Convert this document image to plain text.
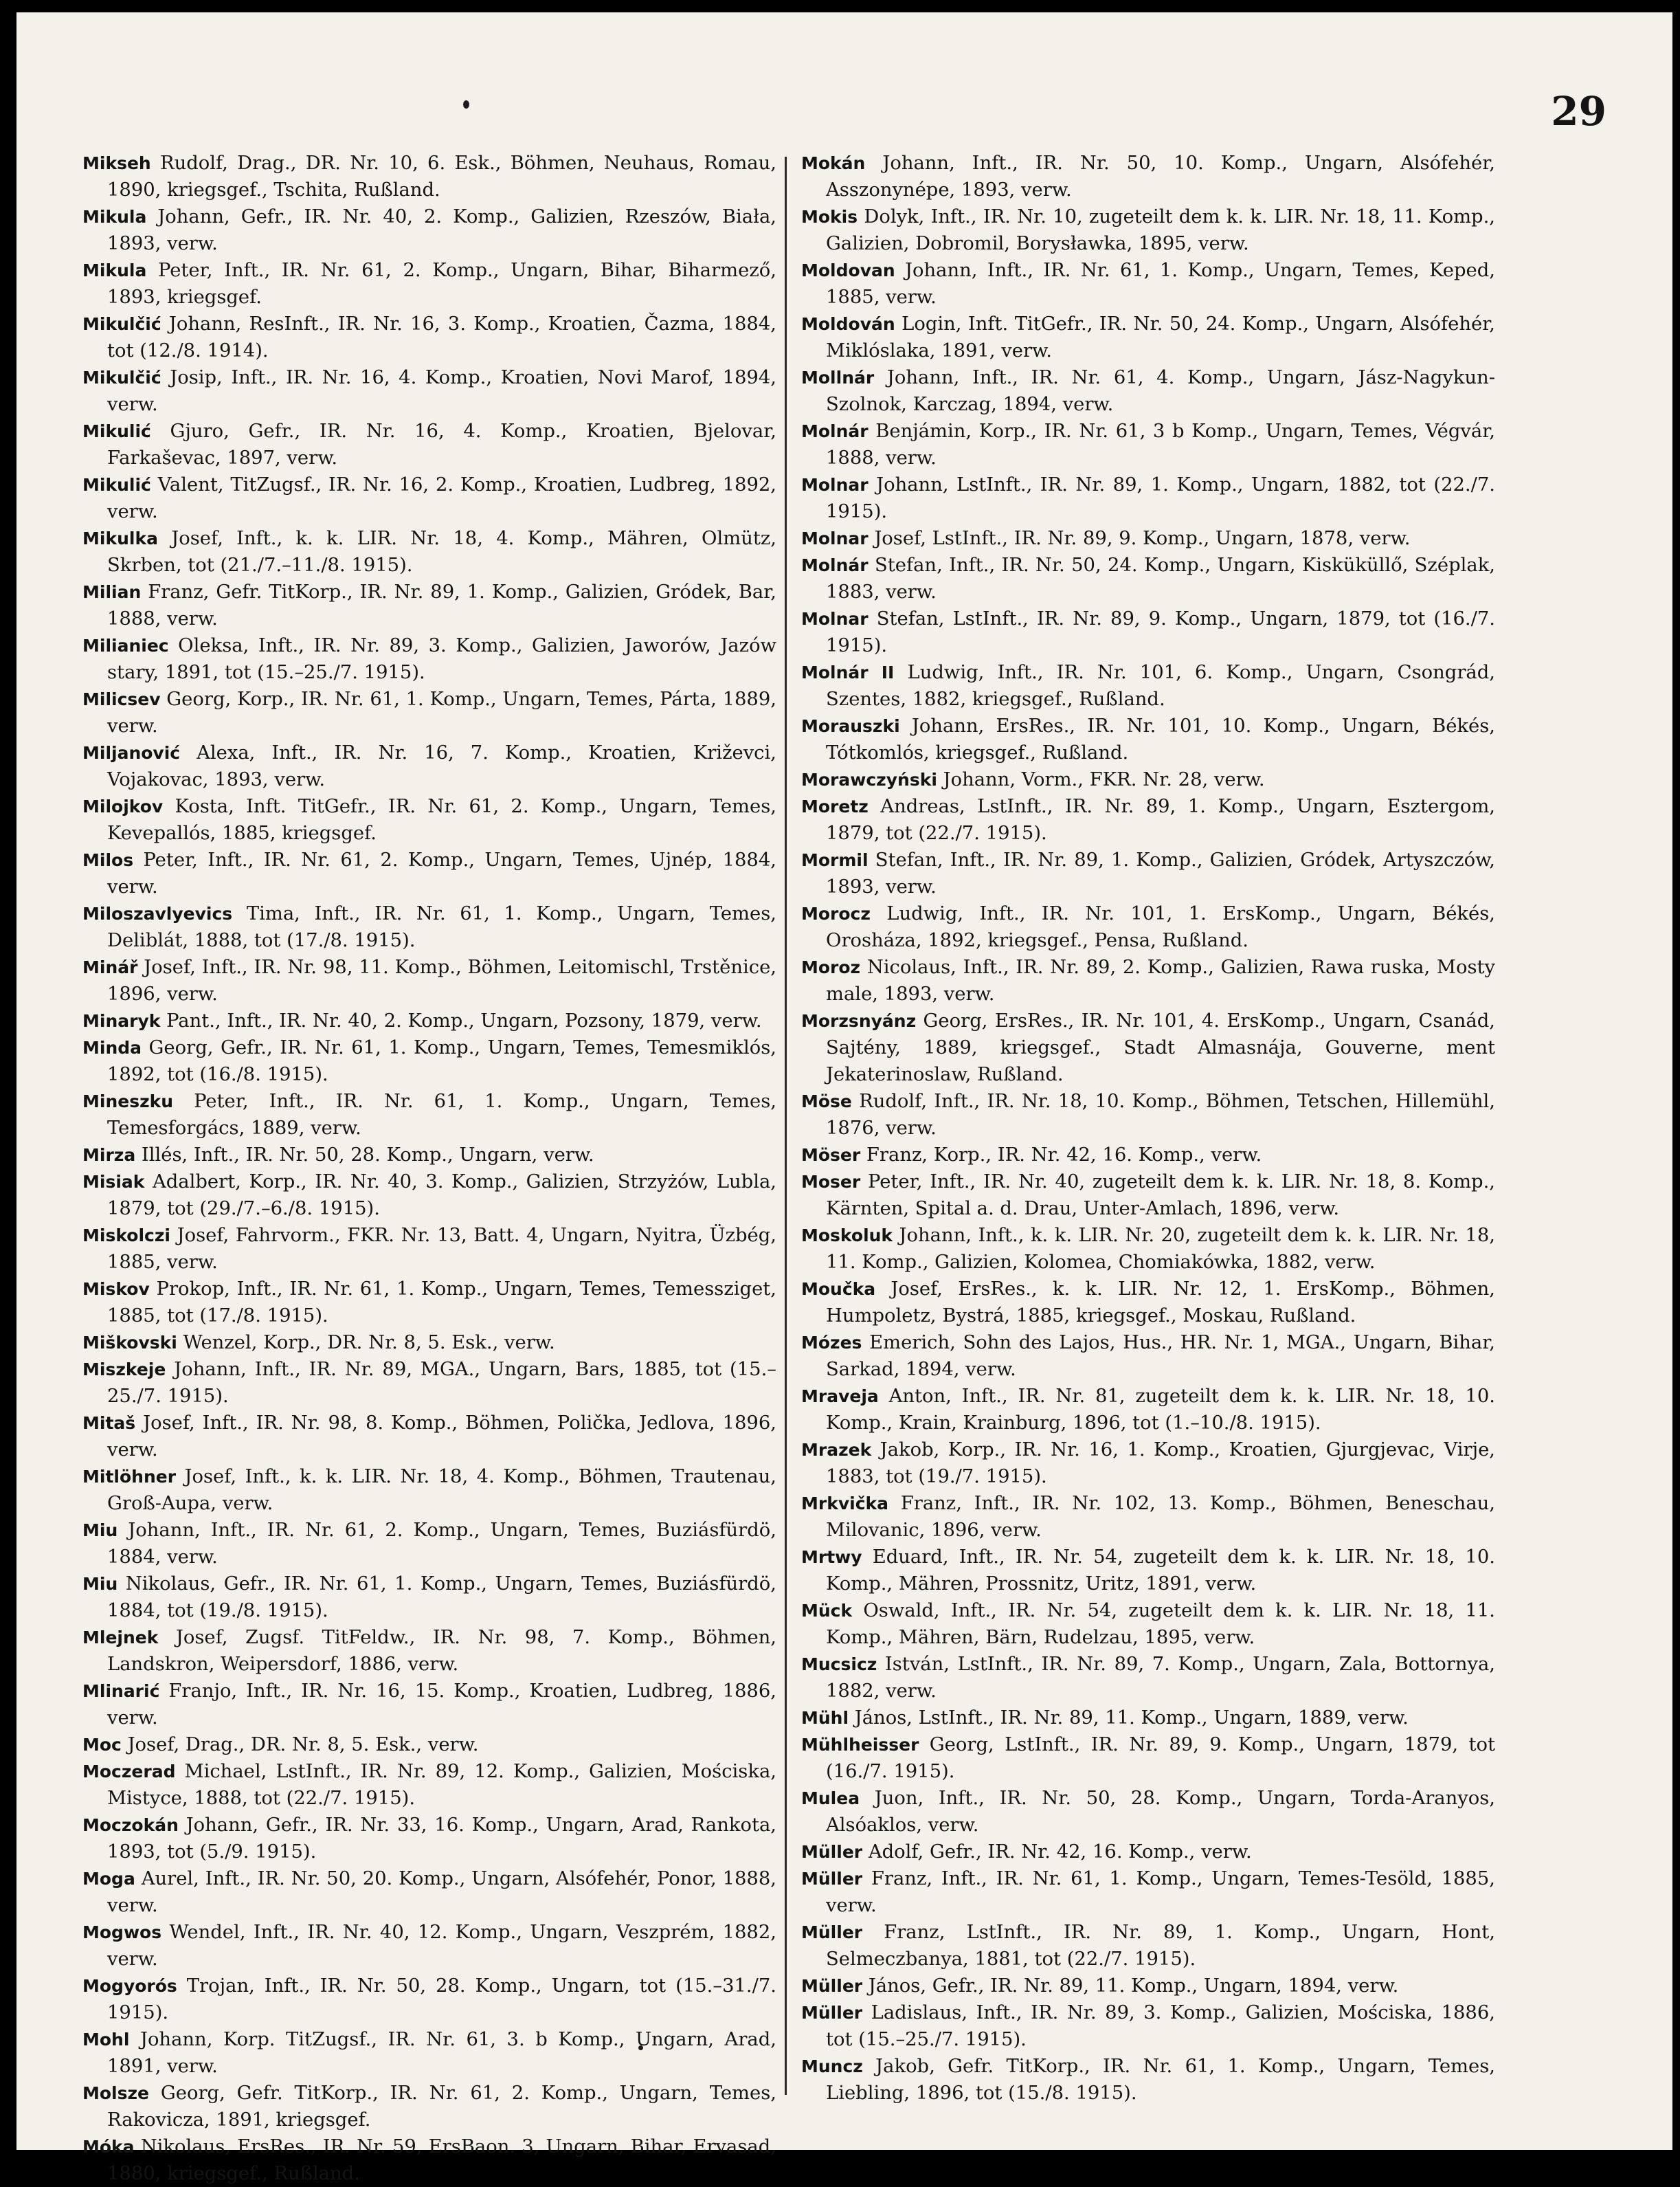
29

Mikseh Rudolf, Drag., DR. Nr. 10, 6. Esk., Böhmen, Neuhaus, Romau, 1890, kriegsgef., Tschita, Rußland.

Mikula Johann, Gefr., IR. Nr. 40, 2. Komp., Galizien, Rzeszów, Biała, 1893, verw.

Mikula Peter, Inft., IR. Nr. 61, 2. Komp., Ungarn, Bihar, Biharmező, 1893, kriegsgef.

Mikulčić Johann, ResInft., IR. Nr. 16, 3. Komp., Kroatien, Čazma, 1884, tot (12./8. 1914).

Mikulčić Josip, Inft., IR. Nr. 16, 4. Komp., Kroatien, Novi Marof, 1894, verw.

Mikulić Gjuro, Gefr., IR. Nr. 16, 4. Komp., Kroatien, Bjelovar, Farkaševac, 1897, verw.

Mikulić Valent, TitZugsf., IR. Nr. 16, 2. Komp., Kroatien, Ludbreg, 1892, verw.

Mikulka Josef, Inft., k. k. LIR. Nr. 18, 4. Komp., Mähren, Olmütz, Skrben, tot (21./7.–11./8. 1915).

Milian Franz, Gefr. TitKorp., IR. Nr. 89, 1. Komp., Galizien, Gródek, Bar, 1888, verw.

Milianiec Oleksa, Inft., IR. Nr. 89, 3. Komp., Galizien, Jaworów, Jazów stary, 1891, tot (15.–25./7. 1915).

Milicsev Georg, Korp., IR. Nr. 61, 1. Komp., Ungarn, Temes, Párta, 1889, verw.

Miljanović Alexa, Inft., IR. Nr. 16, 7. Komp., Kroatien, Križevci, Vojakovac, 1893, verw.

Milojkov Kosta, Inft. TitGefr., IR. Nr. 61, 2. Komp., Ungarn, Temes, Kevepallós, 1885, kriegsgef.

Milos Peter, Inft., IR. Nr. 61, 2. Komp., Ungarn, Temes, Ujnép, 1884, verw.

Miloszavlyevics Tima, Inft., IR. Nr. 61, 1. Komp., Ungarn, Temes, Deliblát, 1888, tot (17./8. 1915).

Minář Josef, Inft., IR. Nr. 98, 11. Komp., Böhmen, Leitomischl, Trstěnice, 1896, verw.

Minaryk Pant., Inft., IR. Nr. 40, 2. Komp., Ungarn, Pozsony, 1879, verw.

Minda Georg, Gefr., IR. Nr. 61, 1. Komp., Ungarn, Temes, Temesmiklós, 1892, tot (16./8. 1915).

Mineszku Peter, Inft., IR. Nr. 61, 1. Komp., Ungarn, Temes, Temesforgács, 1889, verw.

Mirza Illés, Inft., IR. Nr. 50, 28. Komp., Ungarn, verw.

Misiak Adalbert, Korp., IR. Nr. 40, 3. Komp., Galizien, Strzyżów, Lubla, 1879, tot (29./7.–6./8. 1915).

Miskolczi Josef, Fahrvorm., FKR. Nr. 13, Batt. 4, Ungarn, Nyitra, Üzbég, 1885, verw.

Miskov Prokop, Inft., IR. Nr. 61, 1. Komp., Ungarn, Temes, Temessziget, 1885, tot (17./8. 1915).

Miškovski Wenzel, Korp., DR. Nr. 8, 5. Esk., verw.

Miszkeje Johann, Inft., IR. Nr. 89, MGA., Ungarn, Bars, 1885, tot (15.–25./7. 1915).

Mitaš Josef, Inft., IR. Nr. 98, 8. Komp., Böhmen, Polička, Jedlova, 1896, verw.

Mitlöhner Josef, Inft., k. k. LIR. Nr. 18, 4. Komp., Böhmen, Trautenau, Groß-Aupa, verw.

Miu Johann, Inft., IR. Nr. 61, 2. Komp., Ungarn, Temes, Buziásfürdö, 1884, verw.

Miu Nikolaus, Gefr., IR. Nr. 61, 1. Komp., Ungarn, Temes, Buziásfürdö, 1884, tot (19./8. 1915).

Mlejnek Josef, Zugsf. TitFeldw., IR. Nr. 98, 7. Komp., Böhmen, Landskron, Weipersdorf, 1886, verw.

Mlinarić Franjo, Inft., IR. Nr. 16, 15. Komp., Kroatien, Ludbreg, 1886, verw.

Moc Josef, Drag., DR. Nr. 8, 5. Esk., verw.

Moczerad Michael, LstInft., IR. Nr. 89, 12. Komp., Galizien, Mościska, Mistyce, 1888, tot (22./7. 1915).

Moczokán Johann, Gefr., IR. Nr. 33, 16. Komp., Ungarn, Arad, Rankota, 1893, tot (5./9. 1915).

Moga Aurel, Inft., IR. Nr. 50, 20. Komp., Ungarn, Alsófehér, Ponor, 1888, verw.

Mogwos Wendel, Inft., IR. Nr. 40, 12. Komp., Ungarn, Veszprém, 1882, verw.

Mogyorós Trojan, Inft., IR. Nr. 50, 28. Komp., Ungarn, tot (15.–31./7. 1915).

Mohl Johann, Korp. TitZugsf., IR. Nr. 61, 3. b Komp., Ungarn, Arad, 1891, verw.

Molsze Georg, Gefr. TitKorp., IR. Nr. 61, 2. Komp., Ungarn, Temes, Rakovicza, 1891, kriegsgef.

Móka Nikolaus, ErsRes., IR. Nr. 59, ErsBaon. 3, Ungarn, Bihar, Ervasad, 1880, kriegsgef., Rußland.

Mokán Johann, Inft., IR. Nr. 50, 10. Komp., Ungarn, Alsófehér, Asszonynépe, 1893, verw.

Mokis Dolyk, Inft., IR. Nr. 10, zugeteilt dem k. k. LIR. Nr. 18, 11. Komp., Galizien, Dobromil, Borysławka, 1895, verw.

Moldovan Johann, Inft., IR. Nr. 61, 1. Komp., Ungarn, Temes, Keped, 1885, verw.

Moldován Login, Inft. TitGefr., IR. Nr. 50, 24. Komp., Ungarn, Alsófehér, Miklóslaka, 1891, verw.

Mollnár Johann, Inft., IR. Nr. 61, 4. Komp., Ungarn, Jász-Nagykun-Szolnok, Karczag, 1894, verw.

Molnár Benjámin, Korp., IR. Nr. 61, 3 b Komp., Ungarn, Temes, Végvár, 1888, verw.

Molnar Johann, LstInft., IR. Nr. 89, 1. Komp., Ungarn, 1882, tot (22./7. 1915).

Molnar Josef, LstInft., IR. Nr. 89, 9. Komp., Ungarn, 1878, verw.

Molnár Stefan, Inft., IR. Nr. 50, 24. Komp., Ungarn, Kisküküllő, Széplak, 1883, verw.

Molnar Stefan, LstInft., IR. Nr. 89, 9. Komp., Ungarn, 1879, tot (16./7. 1915).

Molnár II Ludwig, Inft., IR. Nr. 101, 6. Komp., Ungarn, Csongrád, Szentes, 1882, kriegsgef., Rußland.

Morauszki Johann, ErsRes., IR. Nr. 101, 10. Komp., Ungarn, Békés, Tótkomlós, kriegsgef., Rußland.

Morawczyński Johann, Vorm., FKR. Nr. 28, verw.

Moretz Andreas, LstInft., IR. Nr. 89, 1. Komp., Ungarn, Esztergom, 1879, tot (22./7. 1915).

Mormil Stefan, Inft., IR. Nr. 89, 1. Komp., Galizien, Gródek, Artyszczów, 1893, verw.

Morocz Ludwig, Inft., IR. Nr. 101, 1. ErsKomp., Ungarn, Békés, Orosháza, 1892, kriegsgef., Pensa, Rußland.

Moroz Nicolaus, Inft., IR. Nr. 89, 2. Komp., Galizien, Rawa ruska, Mosty male, 1893, verw.

Morzsnyánz Georg, ErsRes., IR. Nr. 101, 4. ErsKomp., Ungarn, Csanád, Sajtény, 1889, kriegsgef., Stadt Almasnája, Gouverne, ment Jekaterinoslaw, Rußland.

Möse Rudolf, Inft., IR. Nr. 18, 10. Komp., Böhmen, Tetschen, Hillemühl, 1876, verw.

Möser Franz, Korp., IR. Nr. 42, 16. Komp., verw.

Moser Peter, Inft., IR. Nr. 40, zugeteilt dem k. k. LIR. Nr. 18, 8. Komp., Kärnten, Spital a. d. Drau, Unter-Amlach, 1896, verw.

Moskoluk Johann, Inft., k. k. LIR. Nr. 20, zugeteilt dem k. k. LIR. Nr. 18, 11. Komp., Galizien, Kolomea, Chomiakówka, 1882, verw.

Moučka Josef, ErsRes., k. k. LIR. Nr. 12, 1. ErsKomp., Böhmen, Humpoletz, Bystrá, 1885, kriegsgef., Moskau, Rußland.

Mózes Emerich, Sohn des Lajos, Hus., HR. Nr. 1, MGA., Ungarn, Bihar, Sarkad, 1894, verw.

Mraveja Anton, Inft., IR. Nr. 81, zugeteilt dem k. k. LIR. Nr. 18, 10. Komp., Krain, Krainburg, 1896, tot (1.–10./8. 1915).

Mrazek Jakob, Korp., IR. Nr. 16, 1. Komp., Kroatien, Gjurgjevac, Virje, 1883, tot (19./7. 1915).

Mrkvička Franz, Inft., IR. Nr. 102, 13. Komp., Böhmen, Beneschau, Milovanic, 1896, verw.

Mrtwy Eduard, Inft., IR. Nr. 54, zugeteilt dem k. k. LIR. Nr. 18, 10. Komp., Mähren, Prossnitz, Uritz, 1891, verw.

Mück Oswald, Inft., IR. Nr. 54, zugeteilt dem k. k. LIR. Nr. 18, 11. Komp., Mähren, Bärn, Rudelzau, 1895, verw.

Mucsicz István, LstInft., IR. Nr. 89, 7. Komp., Ungarn, Zala, Bottornya, 1882, verw.

Mühl János, LstInft., IR. Nr. 89, 11. Komp., Ungarn, 1889, verw.

Mühlheisser Georg, LstInft., IR. Nr. 89, 9. Komp., Ungarn, 1879, tot (16./7. 1915).

Mulea Juon, Inft., IR. Nr. 50, 28. Komp., Ungarn, Torda-Aranyos, Alsóaklos, verw.

Müller Adolf, Gefr., IR. Nr. 42, 16. Komp., verw.

Müller Franz, Inft., IR. Nr. 61, 1. Komp., Ungarn, Temes-Tesöld, 1885, verw.

Müller Franz, LstInft., IR. Nr. 89, 1. Komp., Ungarn, Hont, Selmeczbanya, 1881, tot (22./7. 1915).

Müller János, Gefr., IR. Nr. 89, 11. Komp., Ungarn, 1894, verw.

Müller Ladislaus, Inft., IR. Nr. 89, 3. Komp., Galizien, Mościska, 1886, tot (15.–25./7. 1915).

Muncz Jakob, Gefr. TitKorp., IR. Nr. 61, 1. Komp., Ungarn, Temes, Liebling, 1896, tot (15./8. 1915).
